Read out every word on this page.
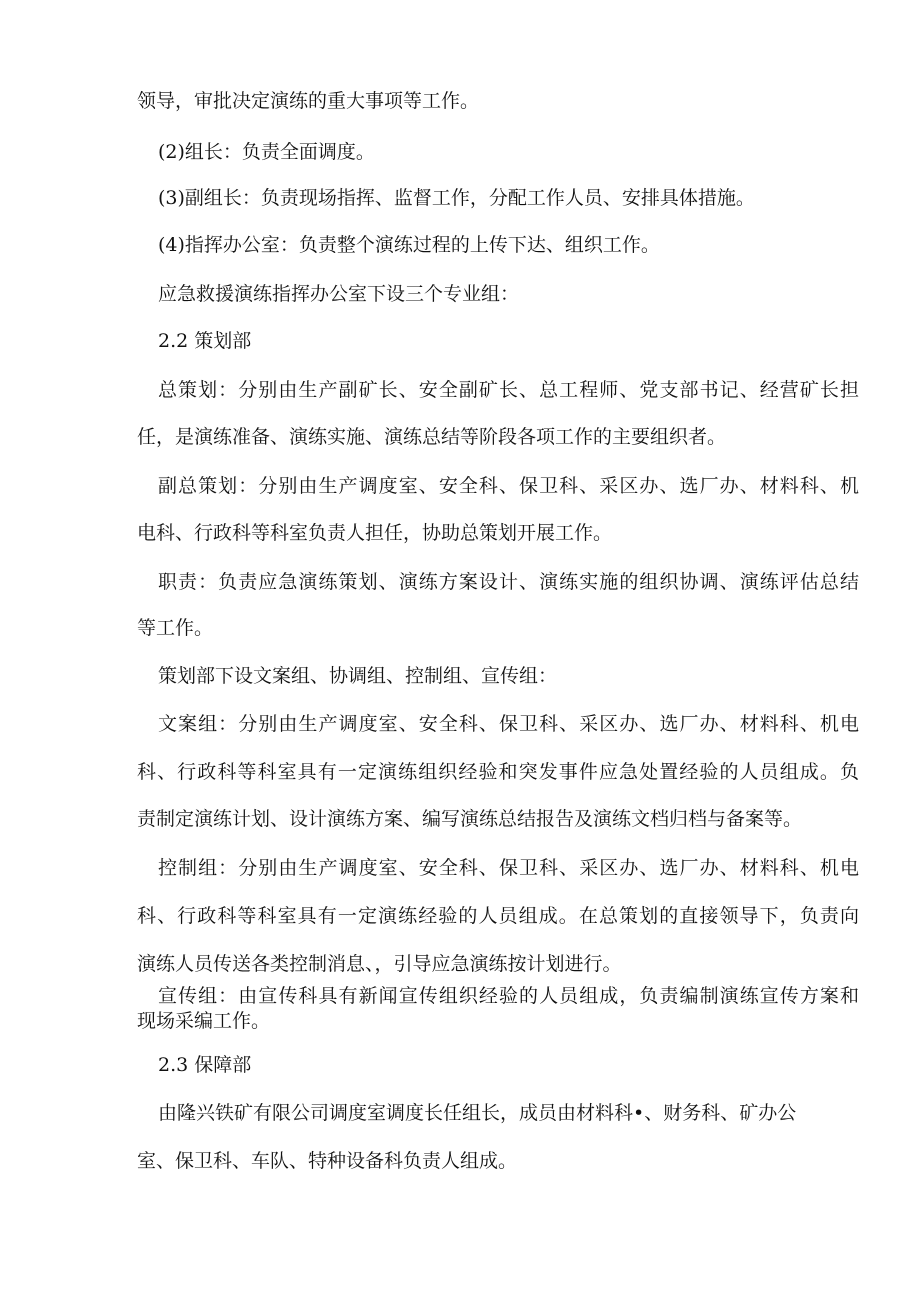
领导，审批决定演练的重大事项等工作。
(2)组长：负责全面调度。
(3)副组长：负责现场指挥、监督工作，分配工作人员、安排具体措施。
(4)指挥办公室：负责整个演练过程的上传下达、组织工作。
应急救援演练指挥办公室下设三个专业组：
2.2 策划部
总策划：分别由生产副矿长、安全副矿长、总工程师、党支部书记、经营矿长担
任，是演练准备、演练实施、演练总结等阶段各项工作的主要组织者。
副总策划：分别由生产调度室、安全科、保卫科、采区办、选厂办、材料科、机
电科、行政科等科室负责人担任，协助总策划开展工作。
职责：负责应急演练策划、演练方案设计、演练实施的组织协调、演练评估总结
等工作。
策划部下设文案组、协调组、控制组、宣传组：
文案组：分别由生产调度室、安全科、保卫科、采区办、选厂办、材料科、机电
科、行政科等科室具有一定演练组织经验和突发事件应急处置经验的人员组成。负
责制定演练计划、设计演练方案、编写演练总结报告及演练文档归档与备案等。
控制组：分别由生产调度室、安全科、保卫科、采区办、选厂办、材料科、机电
科、行政科等科室具有一定演练经验的人员组成。在总策划的直接领导下，负责向
演练人员传送各类控制消息、，引导应急演练按计划进行。
宣传组：由宣传科具有新闻宣传组织经验的人员组成，负责编制演练宣传方案和
现场采编工作。
2.3 保障部
由隆兴铁矿有限公司调度室调度长任组长，成员由材料科•、财务科、矿办公
室、保卫科、车队、特种设备科负责人组成。
